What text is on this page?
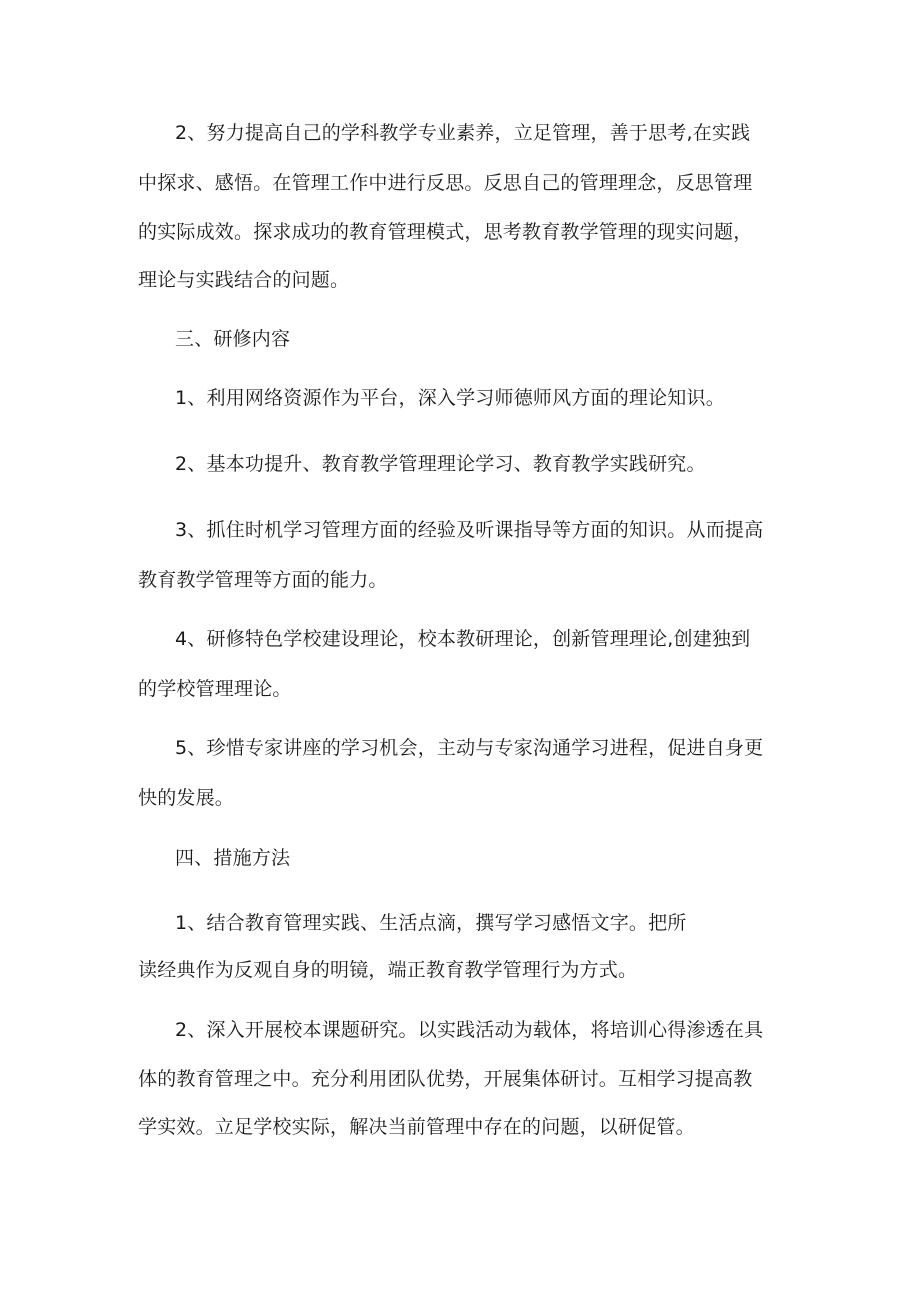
2、努力提高自己的学科教学专业素养，立足管理，善于思考,在实践
中探求、感悟。在管理工作中进行反思。反思自己的管理理念，反思管理
的实际成效。探求成功的教育管理模式，思考教育教学管理的现实问题，
理论与实践结合的问题。
三、研修内容
1、利用网络资源作为平台，深入学习师德师风方面的理论知识。
2、基本功提升、教育教学管理理论学习、教育教学实践研究。
3、抓住时机学习管理方面的经验及听课指导等方面的知识。从而提高
教育教学管理等方面的能力。
4、研修特色学校建设理论，校本教研理论，创新管理理论,创建独到
的学校管理理论。
5、珍惜专家讲座的学习机会，主动与专家沟通学习进程，促进自身更
快的发展。
四、措施方法
1、结合教育管理实践、生活点滴，撰写学习感悟文字。把所
读经典作为反观自身的明镜，端正教育教学管理行为方式。
2、深入开展校本课题研究。以实践活动为载体，将培训心得渗透在具
体的教育管理之中。充分利用团队优势，开展集体研讨。互相学习提高教
学实效。立足学校实际，解决当前管理中存在的问题，以研促管。
